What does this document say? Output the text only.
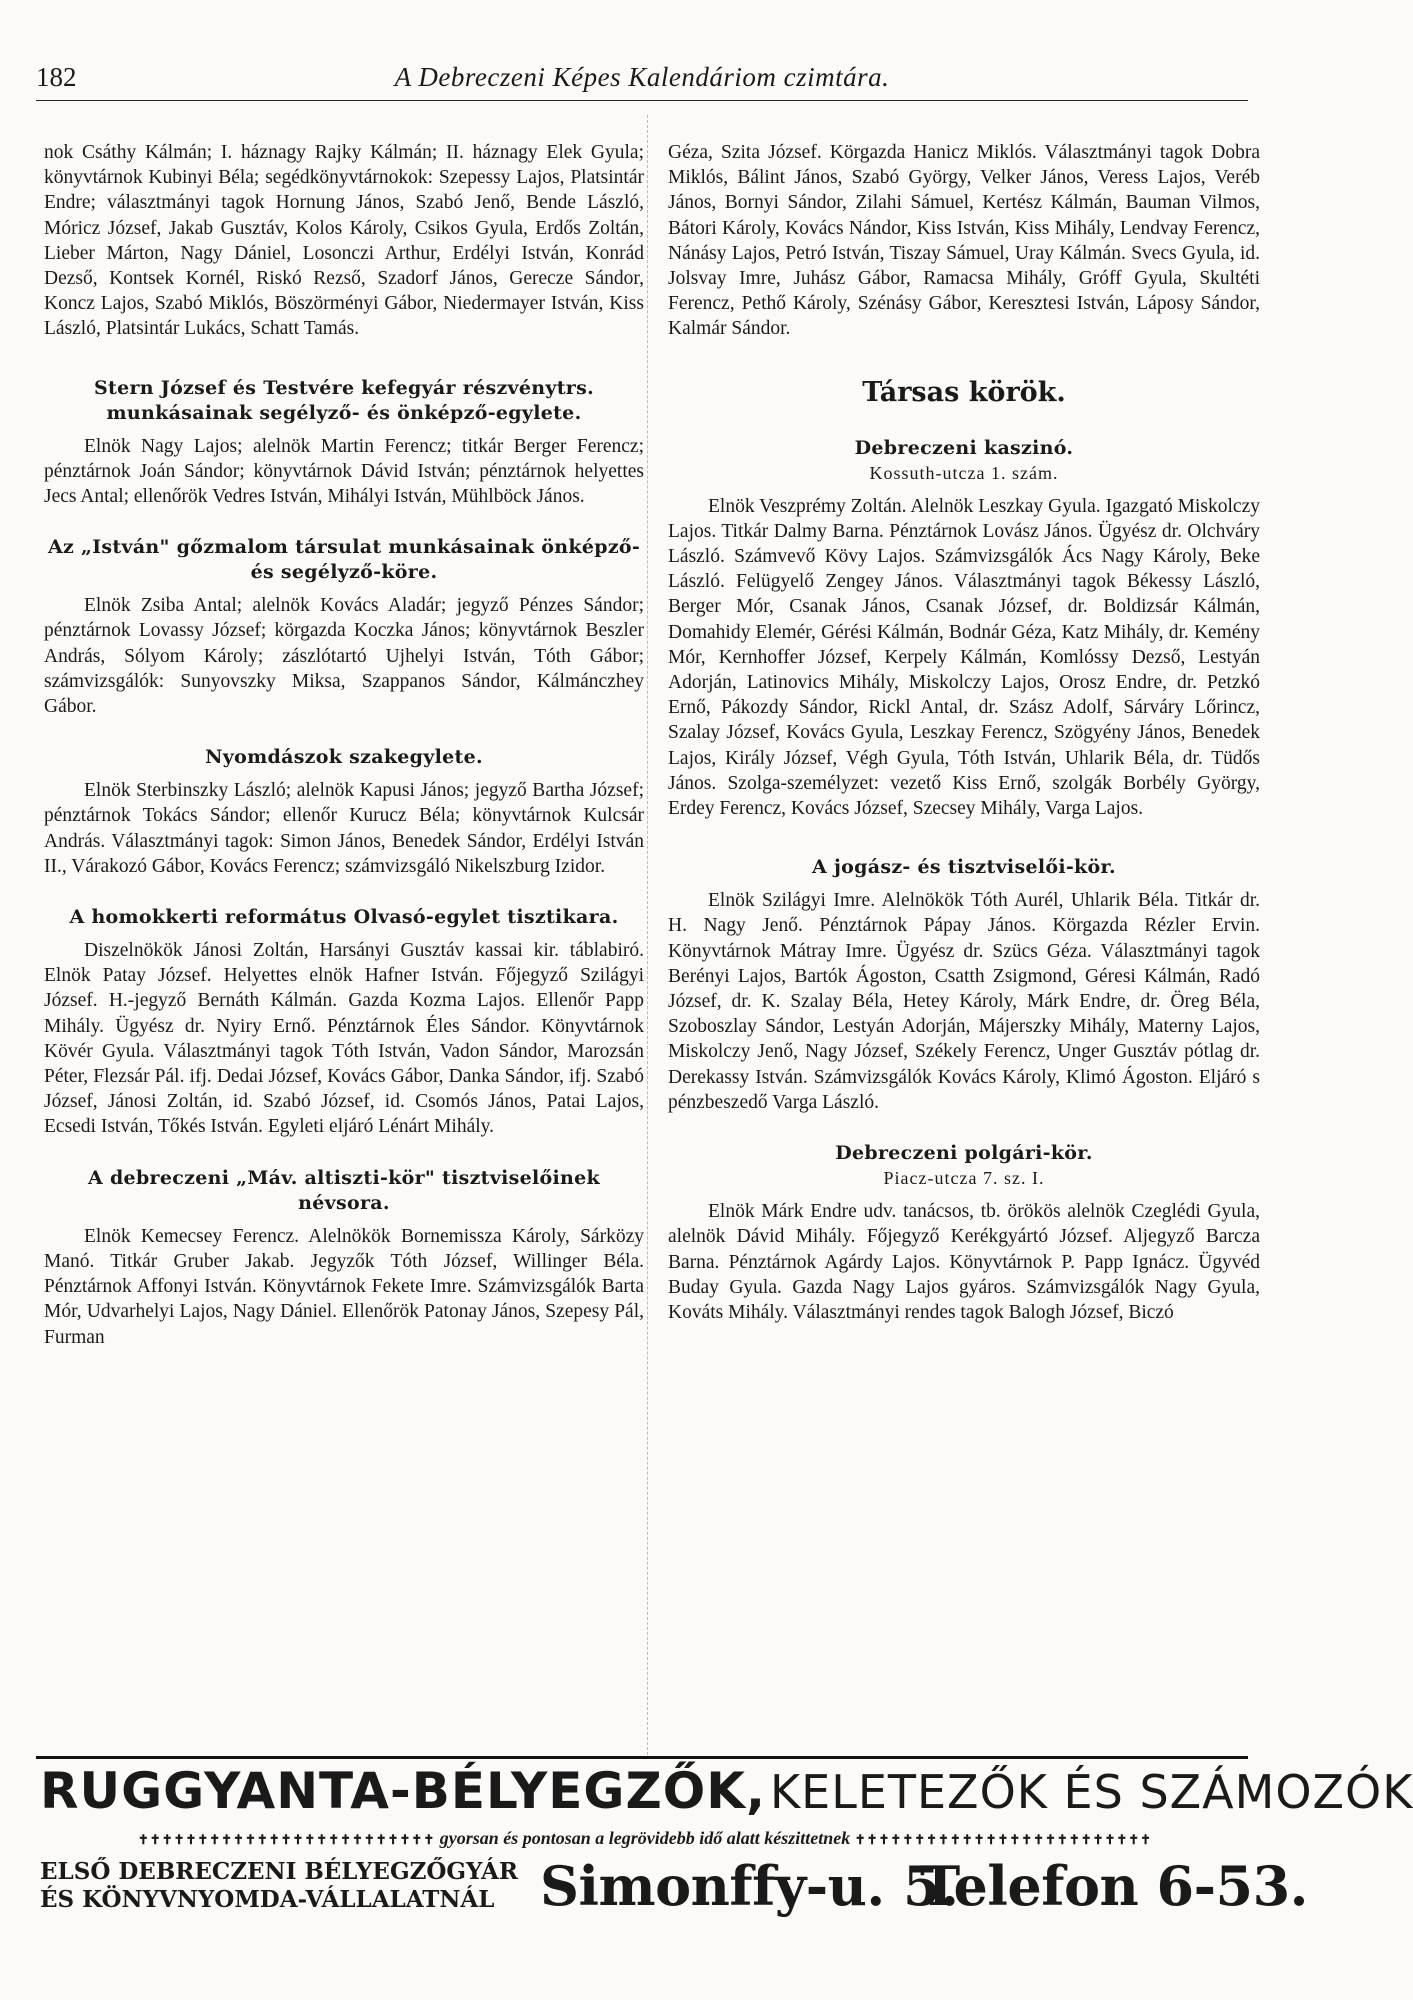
182	A Debreczeni Képes Kalendáriom czimtára.

nok Csáthy Kálmán; I. háznagy Rajky Kálmán; II. háznagy Elek Gyula; könyvtárnok Kubinyi Béla; segédkönyvtárnokok: Szepessy Lajos, Platsintár Endre; választmányi tagok Hornung János, Szabó Jenő, Bende László, Móricz József, Jakab Gusztáv, Kolos Károly, Csikos Gyula, Erdős Zoltán, Lieber Márton, Nagy Dániel, Losonczi Arthur, Erdélyi István, Konrád Dezső, Kontsek Kornél, Riskó Rezső, Szadorf János, Gerecze Sándor, Koncz Lajos, Szabó Miklós, Böszörményi Gábor, Niedermayer István, Kiss László, Platsintár Lukács, Schatt Tamás.

Stern József és Testvére kefegyár részvénytrs. munkásainak segélyző- és önképző-egylete.

Elnök Nagy Lajos; alelnök Martin Ferencz; titkár Berger Ferencz; pénztárnok Joán Sándor; könyvtárnok Dávid István; pénztárnok helyettes Jecs Antal; ellenőrök Vedres István, Mihályi István, Mühlböck János.

Az „István" gőzmalom társulat munkásainak önképző- és segélyző-köre.

Elnök Zsiba Antal; alelnök Kovács Aladár; jegyző Pénzes Sándor; pénztárnok Lovassy József; körgazda Koczka János; könyvtárnok Beszler András, Sólyom Károly; zászlótartó Ujhelyi István, Tóth Gábor; számvizsgálók: Sunyovszky Miksa, Szappanos Sándor, Kálmánczhey Gábor.

Nyomdászok szakegylete.

Elnök Sterbinszky László; alelnök Kapusi János; jegyző Bartha József; pénztárnok Tokács Sándor; ellenőr Kurucz Béla; könyvtárnok Kulcsár András. Választmányi tagok: Simon János, Benedek Sándor, Erdélyi István II., Várakozó Gábor, Kovács Ferencz; számvizsgáló Nikelszburg Izidor.

A homokkerti református Olvasó-egylet tisztikara.

Diszelnökök Jánosi Zoltán, Harsányi Gusztáv kassai kir. táblabiró. Elnök Patay József. Helyettes elnök Hafner István. Főjegyző Szilágyi József. H.-jegyző Bernáth Kálmán. Gazda Kozma Lajos. Ellenőr Papp Mihály. Ügyész dr. Nyiry Ernő. Pénztárnok Éles Sándor. Könyvtárnok Kövér Gyula. Választmányi tagok Tóth István, Vadon Sándor, Marozsán Péter, Flezsár Pál. ifj. Dedai József, Kovács Gábor, Danka Sándor, ifj. Szabó József, Jánosi Zoltán, id. Szabó József, id. Csomós János, Patai Lajos, Ecsedi István, Tőkés István. Egyleti eljáró Lénárt Mihály.

A debreczeni „Máv. altiszti-kör" tisztviselőinek névsora.

Elnök Kemecsey Ferencz. Alelnökök Bornemissza Károly, Sárközy Manó. Titkár Gruber Jakab. Jegyzők Tóth József, Willinger Béla. Pénztárnok Affonyi István. Könyvtárnok Fekete Imre. Számvizsgálók Barta Mór, Udvarhelyi Lajos, Nagy Dániel. Ellenőrök Patonay János, Szepesy Pál, Furman

Géza, Szita József. Körgazda Hanicz Miklós. Választmányi tagok Dobra Miklós, Bálint János, Szabó György, Velker János, Veress Lajos, Veréb János, Bornyi Sándor, Zilahi Sámuel, Kertész Kálmán, Bauman Vilmos, Bátori Károly, Kovács Nándor, Kiss István, Kiss Mihály, Lendvay Ferencz, Nánásy Lajos, Petró István, Tiszay Sámuel, Uray Kálmán. Svecs Gyula, id. Jolsvay Imre, Juhász Gábor, Ramacsa Mihály, Gróff Gyula, Skultéti Ferencz, Pethő Károly, Szénásy Gábor, Keresztesi István, Láposy Sándor, Kalmár Sándor.

Társas körök.
Debreczeni kaszinó.

Kossuth-utcza 1. szám.

Elnök Veszprémy Zoltán. Alelnök Leszkay Gyula. Igazgató Miskolczy Lajos. Titkár Dalmy Barna. Pénztárnok Lovász János. Ügyész dr. Olchváry László. Számvevő Kövy Lajos. Számvizsgálók Ács Nagy Károly, Beke László. Felügyelő Zengey János. Választmányi tagok Békessy László, Berger Mór, Csanak János, Csanak József, dr. Boldizsár Kálmán, Domahidy Elemér, Gérési Kálmán, Bodnár Géza, Katz Mihály, dr. Kemény Mór, Kernhoffer József, Kerpely Kálmán, Komlóssy Dezső, Lestyán Adorján, Latinovics Mihály, Miskolczy Lajos, Orosz Endre, dr. Petzkó Ernő, Pákozdy Sándor, Rickl Antal, dr. Szász Adolf, Sárváry Lőrincz, Szalay József, Kovács Gyula, Leszkay Ferencz, Szögyény János, Benedek Lajos, Király József, Végh Gyula, Tóth István, Uhlarik Béla, dr. Tüdős János. Szolga-személyzet: vezető Kiss Ernő, szolgák Borbély György, Erdey Ferencz, Kovács József, Szecsey Mihály, Varga Lajos.

A jogász- és tisztviselői-kör.

Elnök Szilágyi Imre. Alelnökök Tóth Aurél, Uhlarik Béla. Titkár dr. H. Nagy Jenő. Pénztárnok Pápay János. Körgazda Rézler Ervin. Könyvtárnok Mátray Imre. Ügyész dr. Szücs Géza. Választmányi tagok Berényi Lajos, Bartók Ágoston, Csatth Zsigmond, Géresi Kálmán, Radó József, dr. K. Szalay Béla, Hetey Károly, Márk Endre, dr. Öreg Béla, Szoboszlay Sándor, Lestyán Adorján, Májerszky Mihály, Materny Lajos, Miskolczy Jenő, Nagy József, Székely Ferencz, Unger Gusztáv pótlag dr. Derekassy István. Számvizsgálók Kovács Károly, Klimó Ágoston. Eljáró s pénzbeszedő Varga László.

Debreczeni polgári-kör.

Piacz-utcza 7. sz. I.

Elnök Márk Endre udv. tanácsos, tb. örökös alelnök Czeglédi Gyula, alelnök Dávid Mihály. Főjegyző Kerékgyártó József. Aljegyző Barcza Barna. Pénztárnok Agárdy Lajos. Könyvtárnok P. Papp Ignácz. Ügyvéd Buday Gyula. Gazda Nagy Lajos gyáros. Számvizsgálók Nagy Gyula, Kováts Mihály. Választmányi rendes tagok Balogh József, Biczó

RUGGYANTA-BÉLYEGZŐK, KELETEZŐK ÉS SZÁMOZÓK
✝✝✝✝✝✝✝✝✝✝✝✝✝✝✝✝✝✝✝✝✝✝✝✝✝ gyorsan és pontosan a legrövidebb idő alatt készittetnek ✝✝✝✝✝✝✝✝✝✝✝✝✝✝✝✝✝✝✝✝✝✝✝✝✝
ELSŐ DEBRECZENI BÉLYEGZŐGYÁR
ÉS KÖNYVNYOMDA-VÁLLALATNÁL Simonffy-u. 5.
Telefon 6-53.
